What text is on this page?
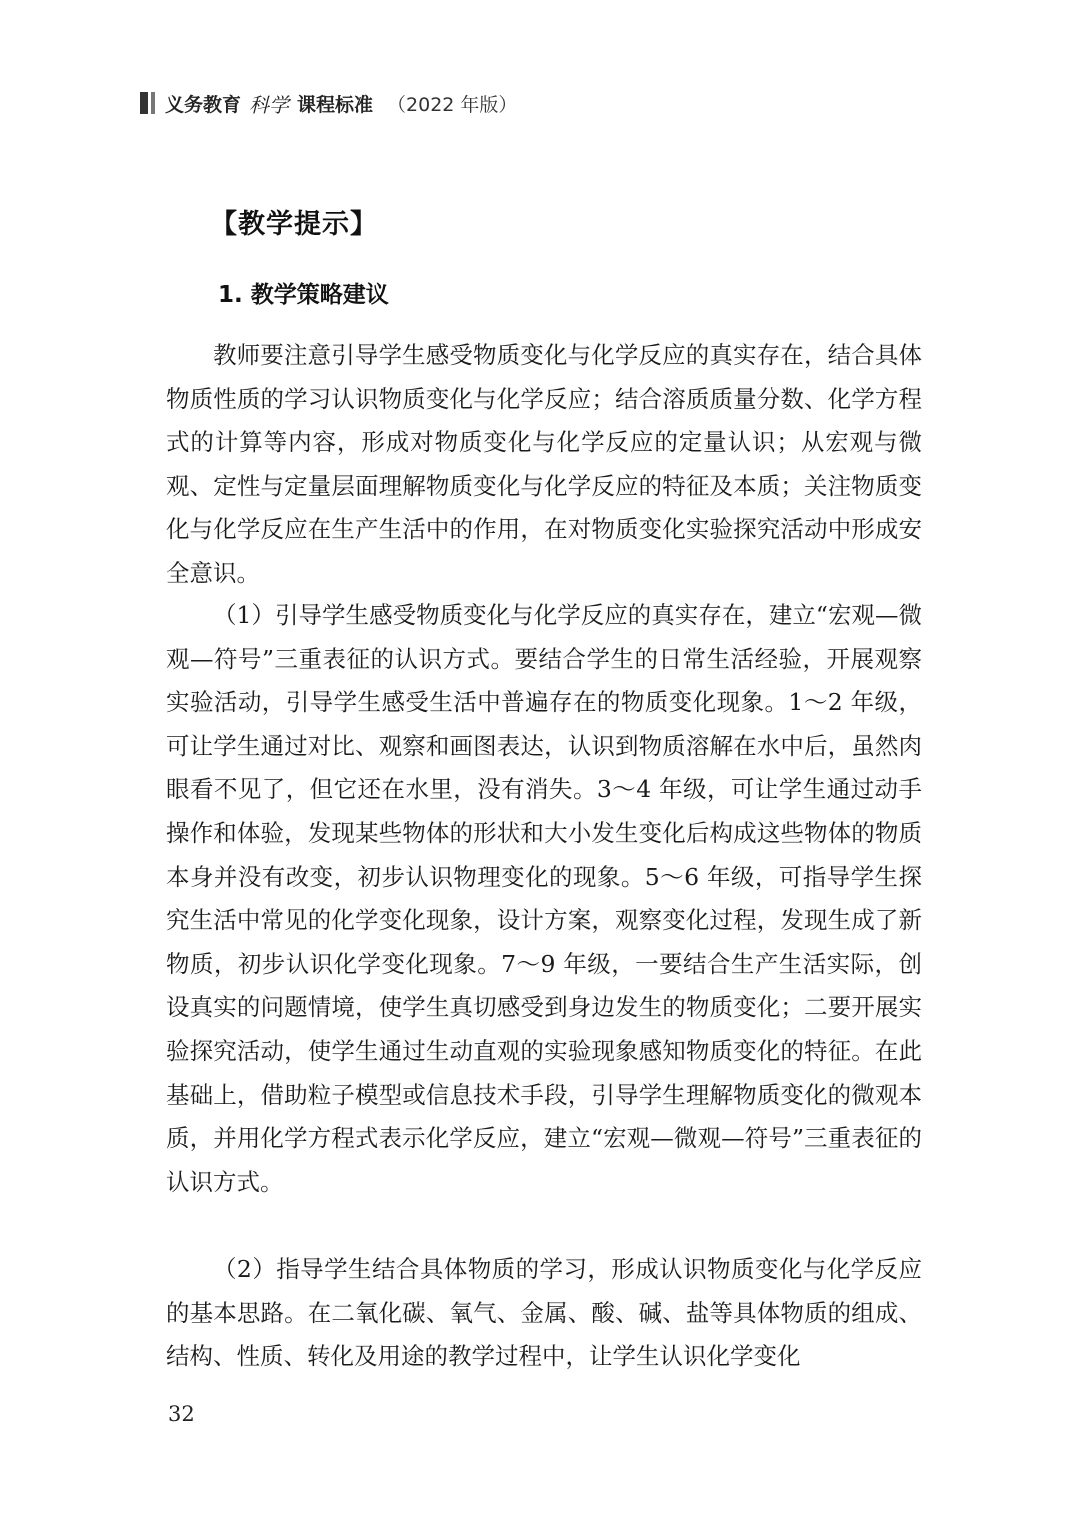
义务教育 科学 课程标准 （2022 年版）
【教学提示】
1. 教学策略建议

教师要注意引导学生感受物质变化与化学反应的真实存在，结合具体物质性质的学习认识物质变化与化学反应；结合溶质质量分数、化学方程式的计算等内容，形成对物质变化与化学反应的定量认识；从宏观与微观、定性与定量层面理解物质变化与化学反应的特征及本质；关注物质变化与化学反应在生产生活中的作用，在对物质变化实验探究活动中形成安全意识。

（1）引导学生感受物质变化与化学反应的真实存在，建立“宏观—微观—符号”三重表征的认识方式。要结合学生的日常生活经验，开展观察实验活动，引导学生感受生活中普遍存在的物质变化现象。1～2 年级，可让学生通过对比、观察和画图表达，认识到物质溶解在水中后，虽然肉眼看不见了，但它还在水里，没有消失。3～4 年级，可让学生通过动手操作和体验，发现某些物体的形状和大小发生变化后构成这些物体的物质本身并没有改变，初步认识物理变化的现象。5～6 年级，可指导学生探究生活中常见的化学变化现象，设计方案，观察变化过程，发现生成了新物质，初步认识化学变化现象。7～9 年级，一要结合生产生活实际，创设真实的问题情境，使学生真切感受到身边发生的物质变化；二要开展实验探究活动，使学生通过生动直观的实验现象感知物质变化的特征。在此基础上，借助粒子模型或信息技术手段，引导学生理解物质变化的微观本质，并用化学方程式表示化学反应，建立“宏观—微观—符号”三重表征的认识方式。

（2）指导学生结合具体物质的学习，形成认识物质变化与化学反应的基本思路。在二氧化碳、氧气、金属、酸、碱、盐等具体物质的组成、结构、性质、转化及用途的教学过程中，让学生认识化学变化

32
